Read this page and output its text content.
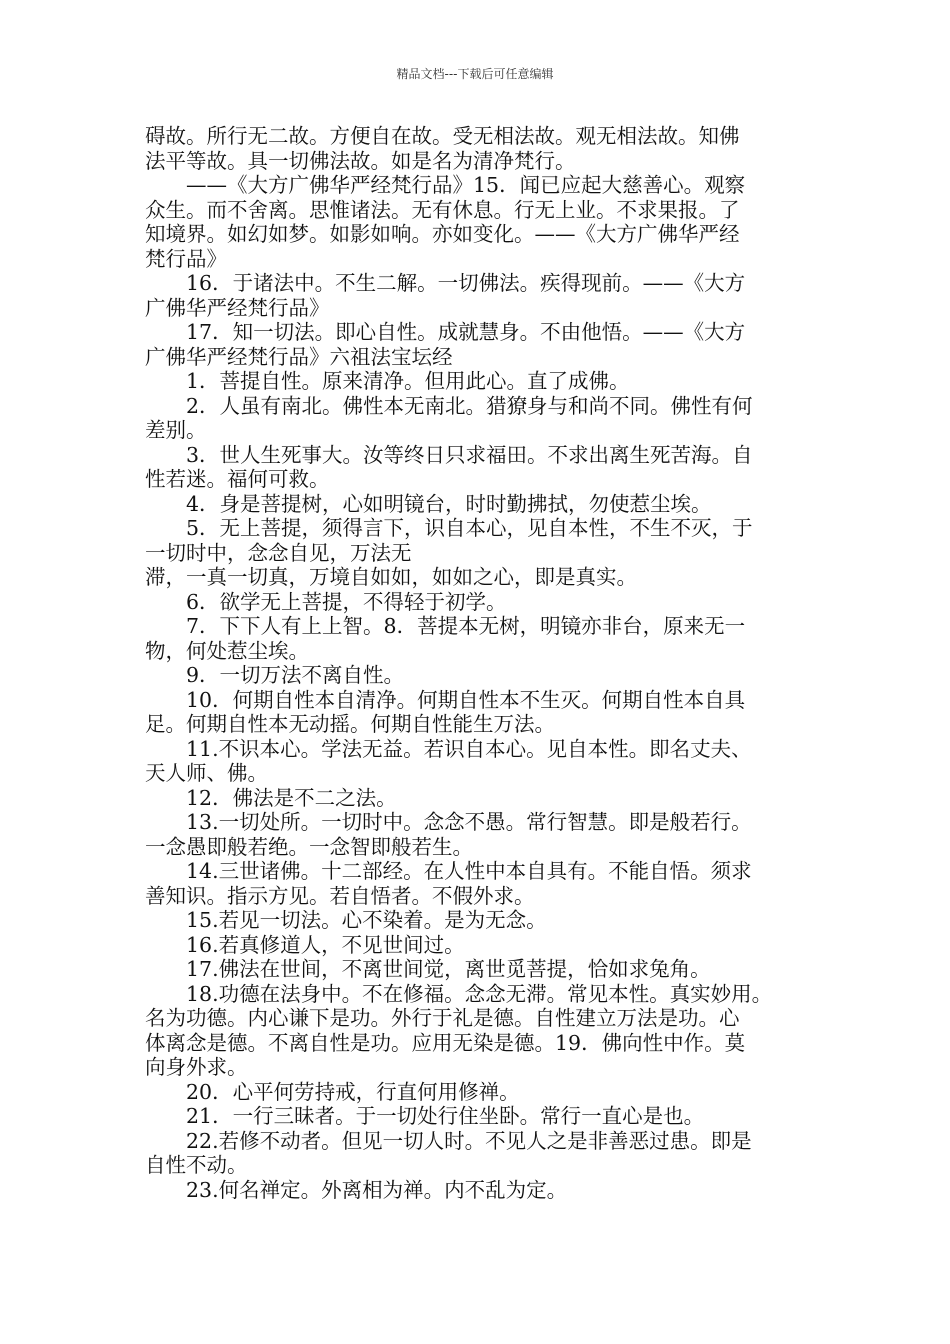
精品文档---下载后可任意编辑
碍故。所行无二故。方便自在故。受无相法故。观无相法故。知佛
法平等故。具一切佛法故。如是名为清净梵行。
——《大方广佛华严经梵行品》15．闻已应起大慈善心。观察
众生。而不舍离。思惟诸法。无有休息。行无上业。不求果报。了
知境界。如幻如梦。如影如响。亦如变化。——《大方广佛华严经
梵行品》
16．于诸法中。不生二解。一切佛法。疾得现前。——《大方
广佛华严经梵行品》
17．知一切法。即心自性。成就慧身。不由他悟。——《大方
广佛华严经梵行品》六祖法宝坛经
1．菩提自性。原来清净。但用此心。直了成佛。
2．人虽有南北。佛性本无南北。猎獠身与和尚不同。佛性有何
差别。
3．世人生死事大。汝等终日只求福田。不求出离生死苦海。自
性若迷。福何可救。
4．身是菩提树，心如明镜台，时时勤拂拭，勿使惹尘埃。
5．无上菩提，须得言下，识自本心，见自本性，不生不灭，于
一切时中，念念自见，万法无
滞，一真一切真，万境自如如，如如之心，即是真实。
6．欲学无上菩提，不得轻于初学。
7．下下人有上上智。8．菩提本无树，明镜亦非台，原来无一
物，何处惹尘埃。
9．一切万法不离自性。
10．何期自性本自清净。何期自性本不生灭。何期自性本自具
足。何期自性本无动摇。何期自性能生万法。
11.不识本心。学法无益。若识自本心。见自本性。即名丈夫、
天人师、佛。
12．佛法是不二之法。
13.一切处所。一切时中。念念不愚。常行智慧。即是般若行。
一念愚即般若绝。一念智即般若生。
14.三世诸佛。十二部经。在人性中本自具有。不能自悟。须求
善知识。指示方见。若自悟者。不假外求。
15.若见一切法。心不染着。是为无念。
16.若真修道人，不见世间过。
17.佛法在世间，不离世间觉，离世觅菩提，恰如求兔角。
18.功德在法身中。不在修福。念念无滞。常见本性。真实妙用。
名为功德。内心谦下是功。外行于礼是德。自性建立万法是功。心
体离念是德。不离自性是功。应用无染是德。19．佛向性中作。莫
向身外求。
20．心平何劳持戒，行直何用修禅。
21．一行三昧者。于一切处行住坐卧。常行一直心是也。
22.若修不动者。但见一切人时。不见人之是非善恶过患。即是
自性不动。
23.何名禅定。外离相为禅。内不乱为定。
